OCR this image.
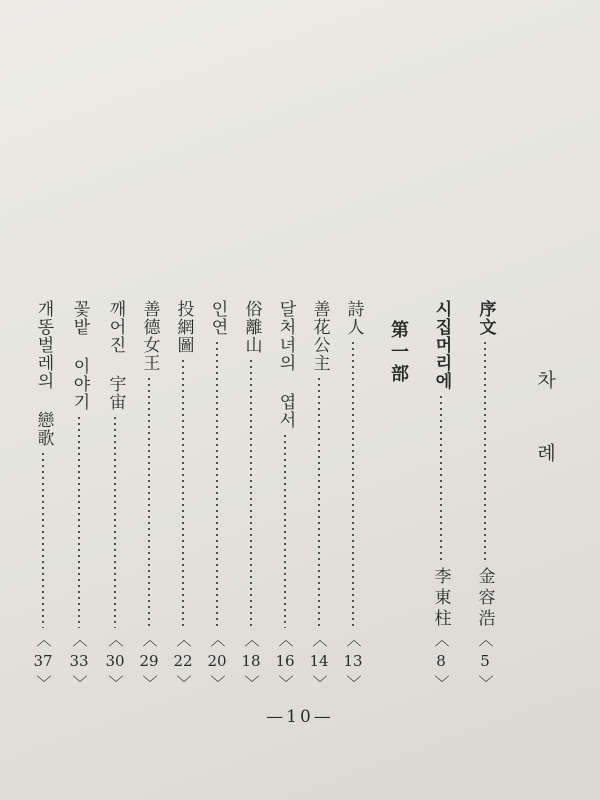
차 례
序文
金容浩
〈
5
〉
시집머리에
李東柱
〈
8
〉
第一部
詩人
〈
13
〉
善花公主
〈
14
〉
달처녀의 엽서
〈
16
〉
俗離山
〈
18
〉
인연
〈
20
〉
投網圖
〈
22
〉
善德女王
〈
29
〉
깨어진 宇宙
〈
30
〉
꽃밭 이야기
〈
33
〉
개똥벌레의 戀歌
〈
37
〉
—10—
